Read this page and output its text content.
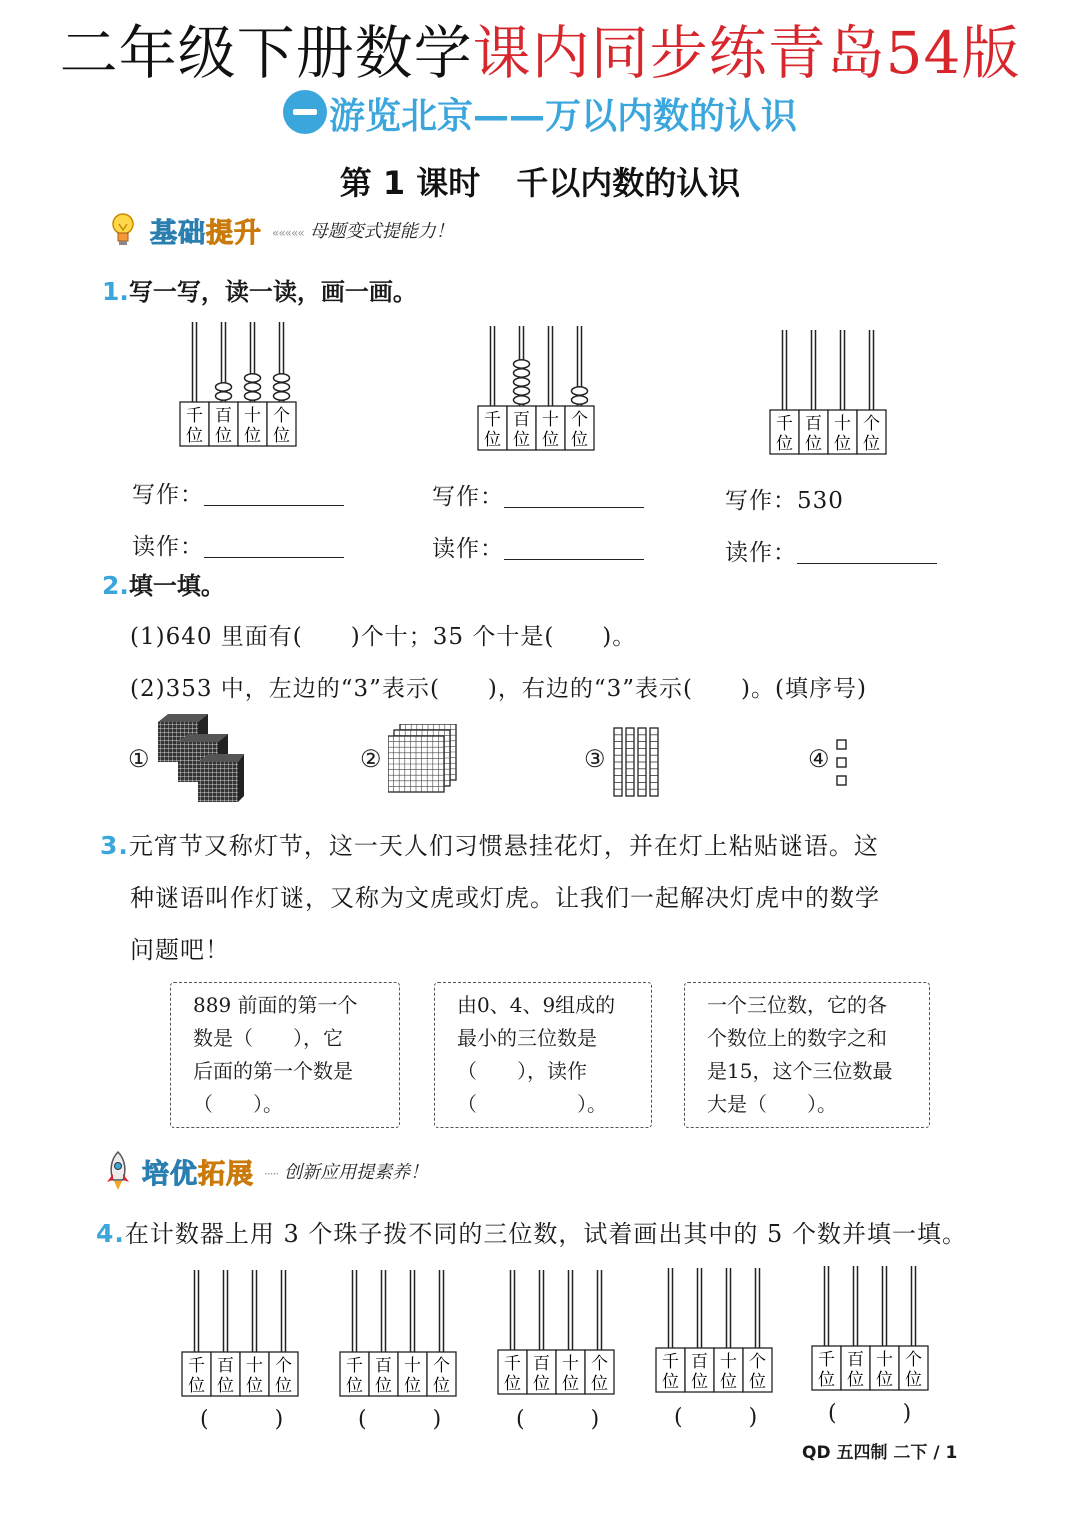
二年级下册数学课内同步练青岛54版
游览北京——万以内数的认识
第 1 课时 千以内数的认识
基础提升 ««««« 母题变式提能力！
1.写一写，读一读，画一画。
千
位
百
位
十
位
个
位
千
位
百
位
十
位
个
位
千
位
百
位
十
位
个
位
写作：	写作：	写作：530
读作：	读作：	读作：
2.填一填。
(1)640 里面有(　　)个十；35 个十是(　　)。
(2)353 中，左边的“3”表示(　　)，右边的“3”表示(　　)。(填序号)
①	②	③	④
3.元宵节又称灯节，这一天人们习惯悬挂花灯，并在灯上粘贴谜语。这
种谜语叫作灯谜，又称为文虎或灯虎。让我们一起解决灯虎中的数学
问题吧！
889 前面的第一个
数是（　　），它
后面的第一个数是
（　　）。
由0、4、9组成的
最小的三位数是
（　　），读作
（　　　　　）。
一个三位数，它的各
个数位上的数字之和
是15，这个三位数最
大是（　　）。
培优拓展 ····· 创新应用提素养！
4.在计数器上用 3 个珠子拨不同的三位数，试着画出其中的 5 个数并填一填。
千
位
百
位
十
位
个
位
千
位
百
位
十
位
个
位
千
位
百
位
十
位
个
位
千
位
百
位
十
位
个
位
千
位
百
位
十
位
个
位
(　　　)	(　　　)	(　　　)	(　　　)	(　　　)
QD 五四制 二下 / 1
